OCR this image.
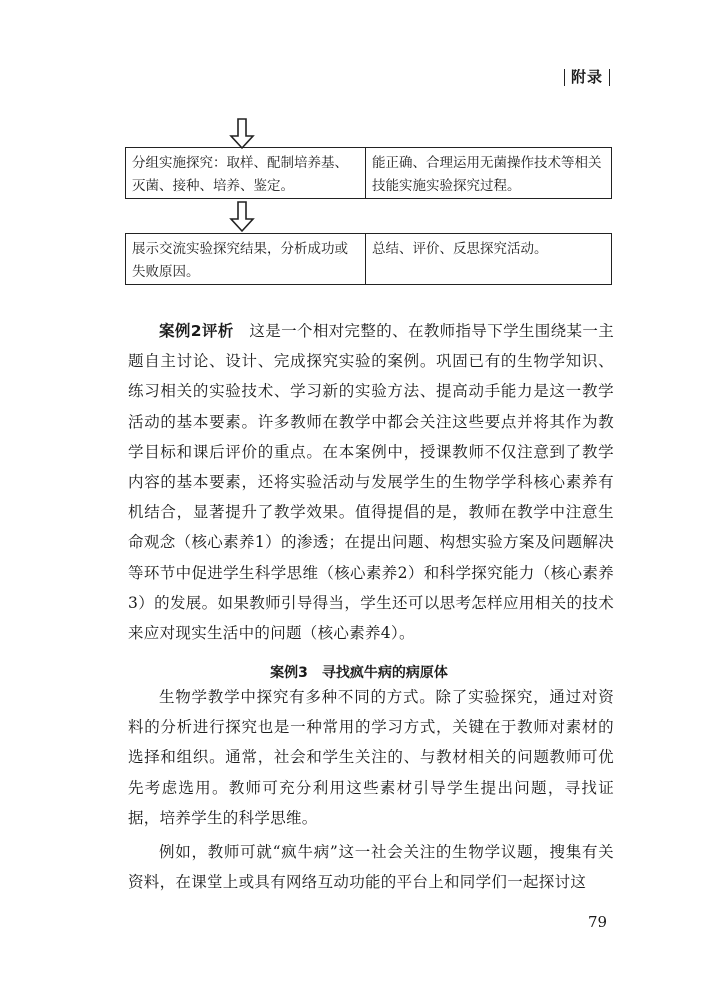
附录
分组实施探究：取样、配制培养基、灭菌、接种、培养、鉴定。
能正确、合理运用无菌操作技术等相关技能实施实验探究过程。
展示交流实验探究结果，分析成功或失败原因。
总结、评价、反思探究活动。

案例2评析　 这是一个相对完整的、在教师指导下学生围绕某一主题自主讨论、设计、完成探究实验的案例。巩固已有的生物学知识、练习相关的实验技术、学习新的实验方法、提高动手能力是这一教学活动的基本要素。许多教师在教学中都会关注这些要点并将其作为教学目标和课后评价的重点。在本案例中，授课教师不仅注意到了教学内容的基本要素，还将实验活动与发展学生的生物学学科核心素养有机结合，显著提升了教学效果。值得提倡的是，教师在教学中注意生命观念（核心素养1）的渗透；在提出问题、构想实验方案及问题解决等环节中促进学生科学思维（核心素养2）和科学探究能力（核心素养3）的发展。如果教师引导得当，学生还可以思考怎样应用相关的技术来应对现实生活中的问题（核心素养4）。

案例3　寻找疯牛病的病原体

生物学教学中探究有多种不同的方式。除了实验探究，通过对资料的分析进行探究也是一种常用的学习方式，关键在于教师对素材的选择和组织。通常，社会和学生关注的、与教材相关的问题教师可优先考虑选用。教师可充分利用这些素材引导学生提出问题，寻找证据，培养学生的科学思维。

例如，教师可就“疯牛病”这一社会关注的生物学议题，搜集有关资料，在课堂上或具有网络互动功能的平台上和同学们一起探讨这

79
